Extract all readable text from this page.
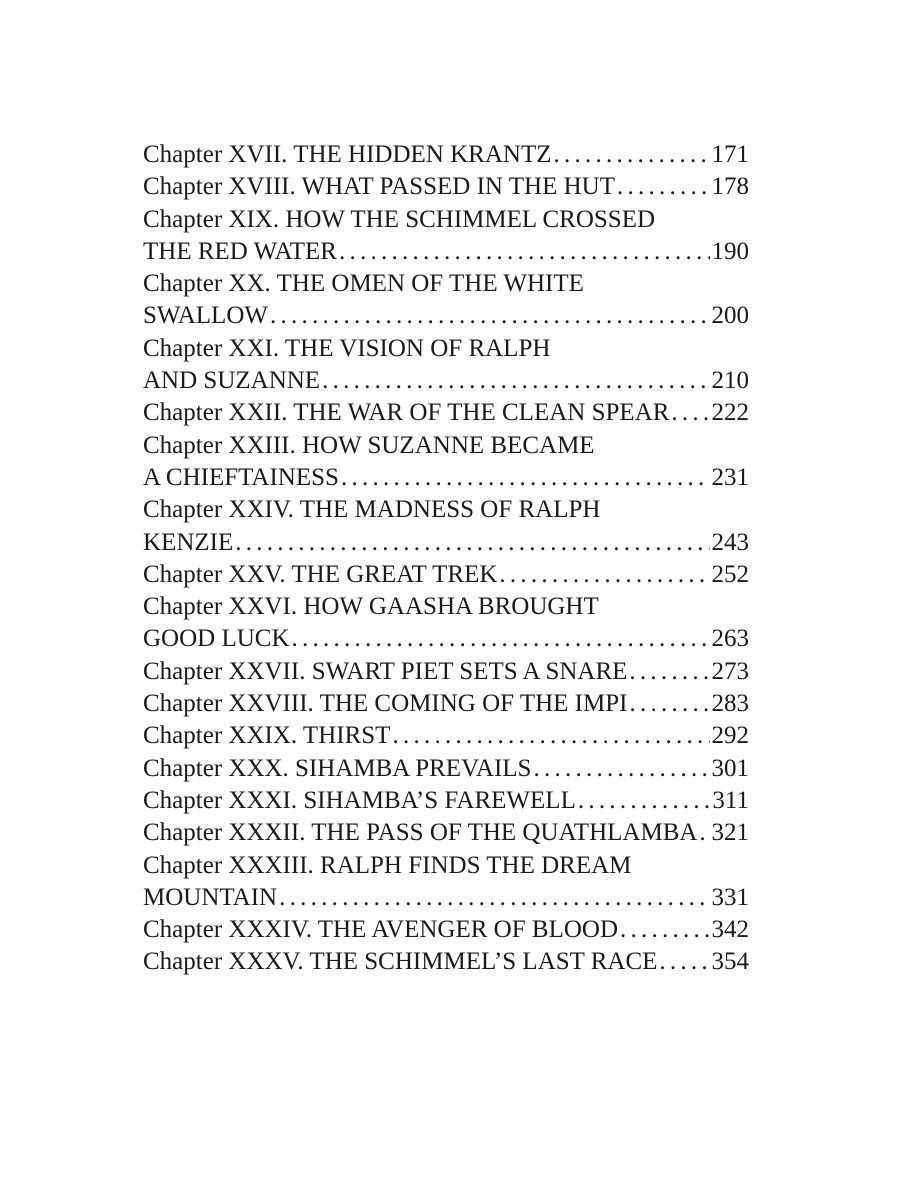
Chapter XVII. THE HIDDEN KRANTZ . . .	171
Chapter XVIII. WHAT PASSED IN THE HUT . . .	178
Chapter XIX. HOW THE SCHIMMEL CROSSED
THE RED WATER . . .	190
Chapter XX. THE OMEN OF THE WHITE
SWALLOW . . .	200
Chapter XXI. THE VISION OF RALPH
AND SUZANNE . . .	210
Chapter XXII. THE WAR OF THE CLEAN SPEAR . . . 222
Chapter XXIII. HOW SUZANNE BECAME
A CHIEFTAINESS . . .	231
Chapter XXIV. THE MADNESS OF RALPH
KENZIE . . .	243
Chapter XXV. THE GREAT TREK . . .	252
Chapter XXVI. HOW GAASHA BROUGHT
GOOD LUCK . . .	263
Chapter XXVII. SWART PIET SETS A SNARE . . .	273
Chapter XXVIII. THE COMING OF THE IMPI . . .	283
Chapter XXIX. THIRST . . .	292
Chapter XXX. SIHAMBA PREVAILS . . .	301
Chapter XXXI. SIHAMBA’S FAREWELL . . .	311
Chapter XXXII. THE PASS OF THE QUATHLAMBA . . . 321
Chapter XXXIII. RALPH FINDS THE DREAM
MOUNTAIN . . .	331
Chapter XXXIV. THE AVENGER OF BLOOD . . .	342
Chapter XXXV. THE SCHIMMEL’S LAST RACE . . . 354
